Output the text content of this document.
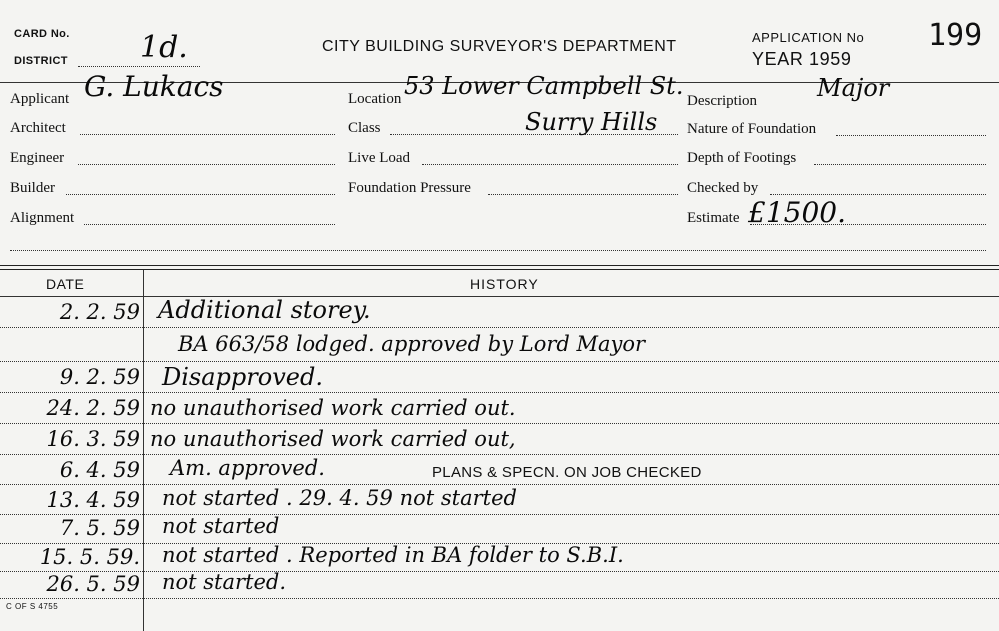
CARD No.
DISTRICT 1d.	CITY BUILDING SURVEYOR'S DEPARTMENT
APPLICATION No
YEAR 1959
199
Applicant G. Lukacs
Architect
Engineer
Builder
Alignment
Location 53 Lower Campbell St.
Class	Surry Hills
Live Load
Foundation Pressure
Description	Major
Nature of Foundation
Depth of Footings
Checked by
Estimate £1500.
DATE	HISTORY
2. 2. 59 Additional storey.
BA 663/58 lodged. approved by Lord Mayor
9. 2. 59 Disapproved.
24. 2. 59 no unauthorised work carried out.
16. 3. 59 no unauthorised work carried out,
6. 4. 59 Am. approved.	PLANS & SPECN. ON JOB CHECKED
13. 4. 59 not started . 29. 4. 59 not started
7. 5. 59 not started
15. 5. 59. not started . Reported in BA folder to S.B.I.
26. 5. 59 not started.
C OF S 4755
